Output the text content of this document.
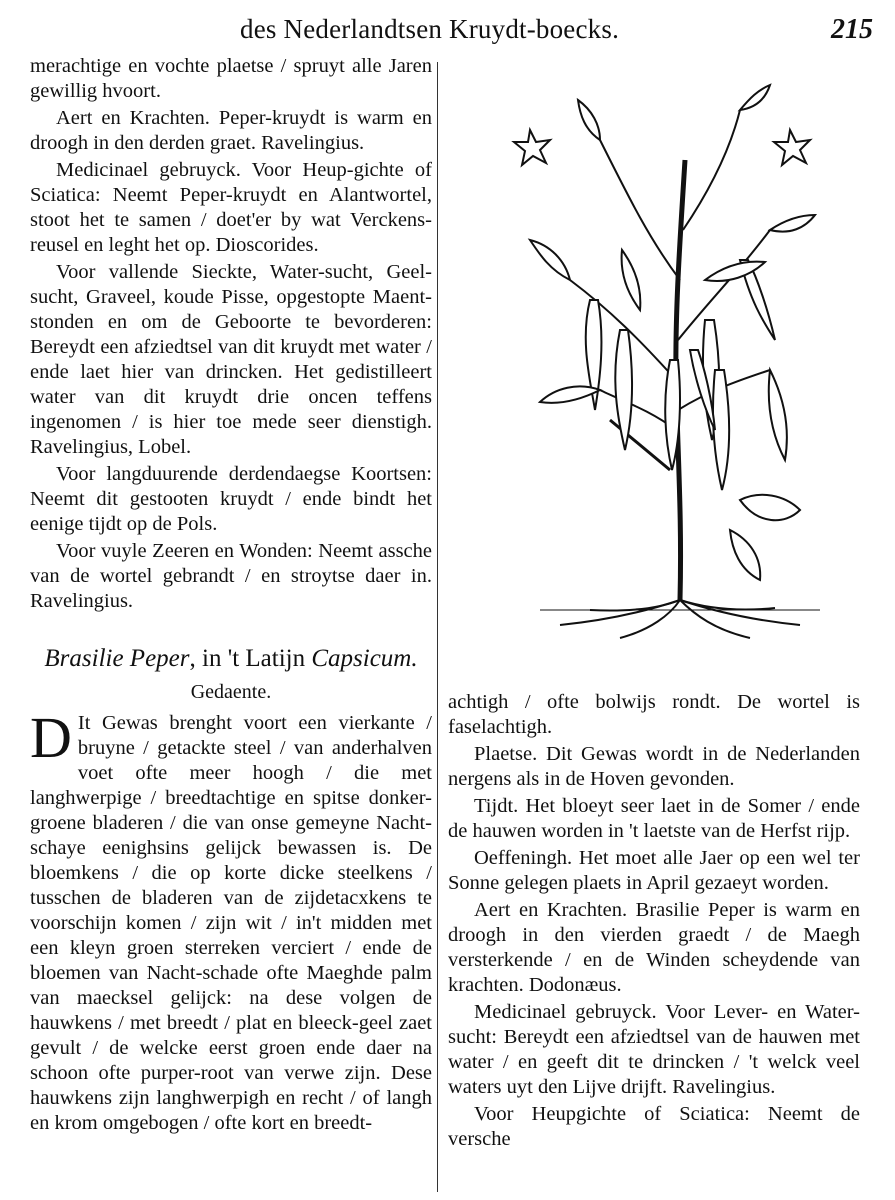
des Nederlandtsen Kruydt-boecks.	215

merachtige en vochte plaetse / spruyt alle Jaren gewillig hvoort.

Aert en Krachten. Peper-kruydt is warm en droogh in den derden graet. Ravelingius.

Medicinael gebruyck. Voor Heup-gichte of Sciatica: Neemt Peper-kruydt en Alantwortel, stoot het te samen / doet'er by wat Verckens-reusel en leght het op. Dioscorides.

Voor vallende Sieckte, Water-sucht, Geel-sucht, Graveel, koude Pisse, opgestopte Maent-stonden en om de Geboorte te bevorderen: Bereydt een afziedtsel van dit kruydt met water / ende laet hier van drincken. Het gedistilleert water van dit kruydt drie oncen teffens ingenomen / is hier toe mede seer dienstigh. Ravelingius, Lobel.

Voor langduurende derdendaegse Koortsen: Neemt dit gestooten kruydt / ende bindt het eenige tijdt op de Pols.

Voor vuyle Zeeren en Wonden: Neemt assche van de wortel gebrandt / en stroytse daer in. Ravelingius.

Brasilie Peper, in 't Latijn Capsicum.
Gedaente.

D It Gewas brenght voort een vierkante / bruyne / getackte steel / van anderhalven voet ofte meer hoogh / die met langhwerpige / breedtachtige en spitse donker-groene bladeren / die van onse gemeyne Nacht-schaye eenighsins gelijck bewassen is. De bloemkens / die op korte dicke steelkens / tusschen de bladeren van de zijdetacxkens te voorschijn komen / zijn wit / in't midden met een kleyn groen sterreken verciert / ende de bloemen van Nacht-schade ofte Maeghde palm van maecksel gelijck: na dese volgen de hauwkens / met breedt / plat en bleeck-geel zaet gevult / de welcke eerst groen ende daer na schoon ofte purper-root van verwe zijn. Dese hauwkens zijn langhwerpigh en recht / of langh en krom omgebogen / ofte kort en breedt-

achtigh / ofte bolwijs rondt. De wortel is faselachtigh.

Plaetse. Dit Gewas wordt in de Nederlanden nergens als in de Hoven gevonden.

Tijdt. Het bloeyt seer laet in de Somer / ende de hauwen worden in 't laetste van de Herfst rijp.

Oeffeningh. Het moet alle Jaer op een wel ter Sonne gelegen plaets in April gezaeyt worden.

Aert en Krachten. Brasilie Peper is warm en droogh in den vierden graedt / de Maegh versterkende / en de Winden scheydende van krachten. Dodonæus.

Medicinael gebruyck. Voor Lever- en Water-sucht: Bereydt een afziedtsel van de hauwen met water / en geeft dit te drincken / 't welck veel waters uyt den Lijve drijft. Ravelingius.

Voor Heupgichte of Sciatica: Neemt de versche
